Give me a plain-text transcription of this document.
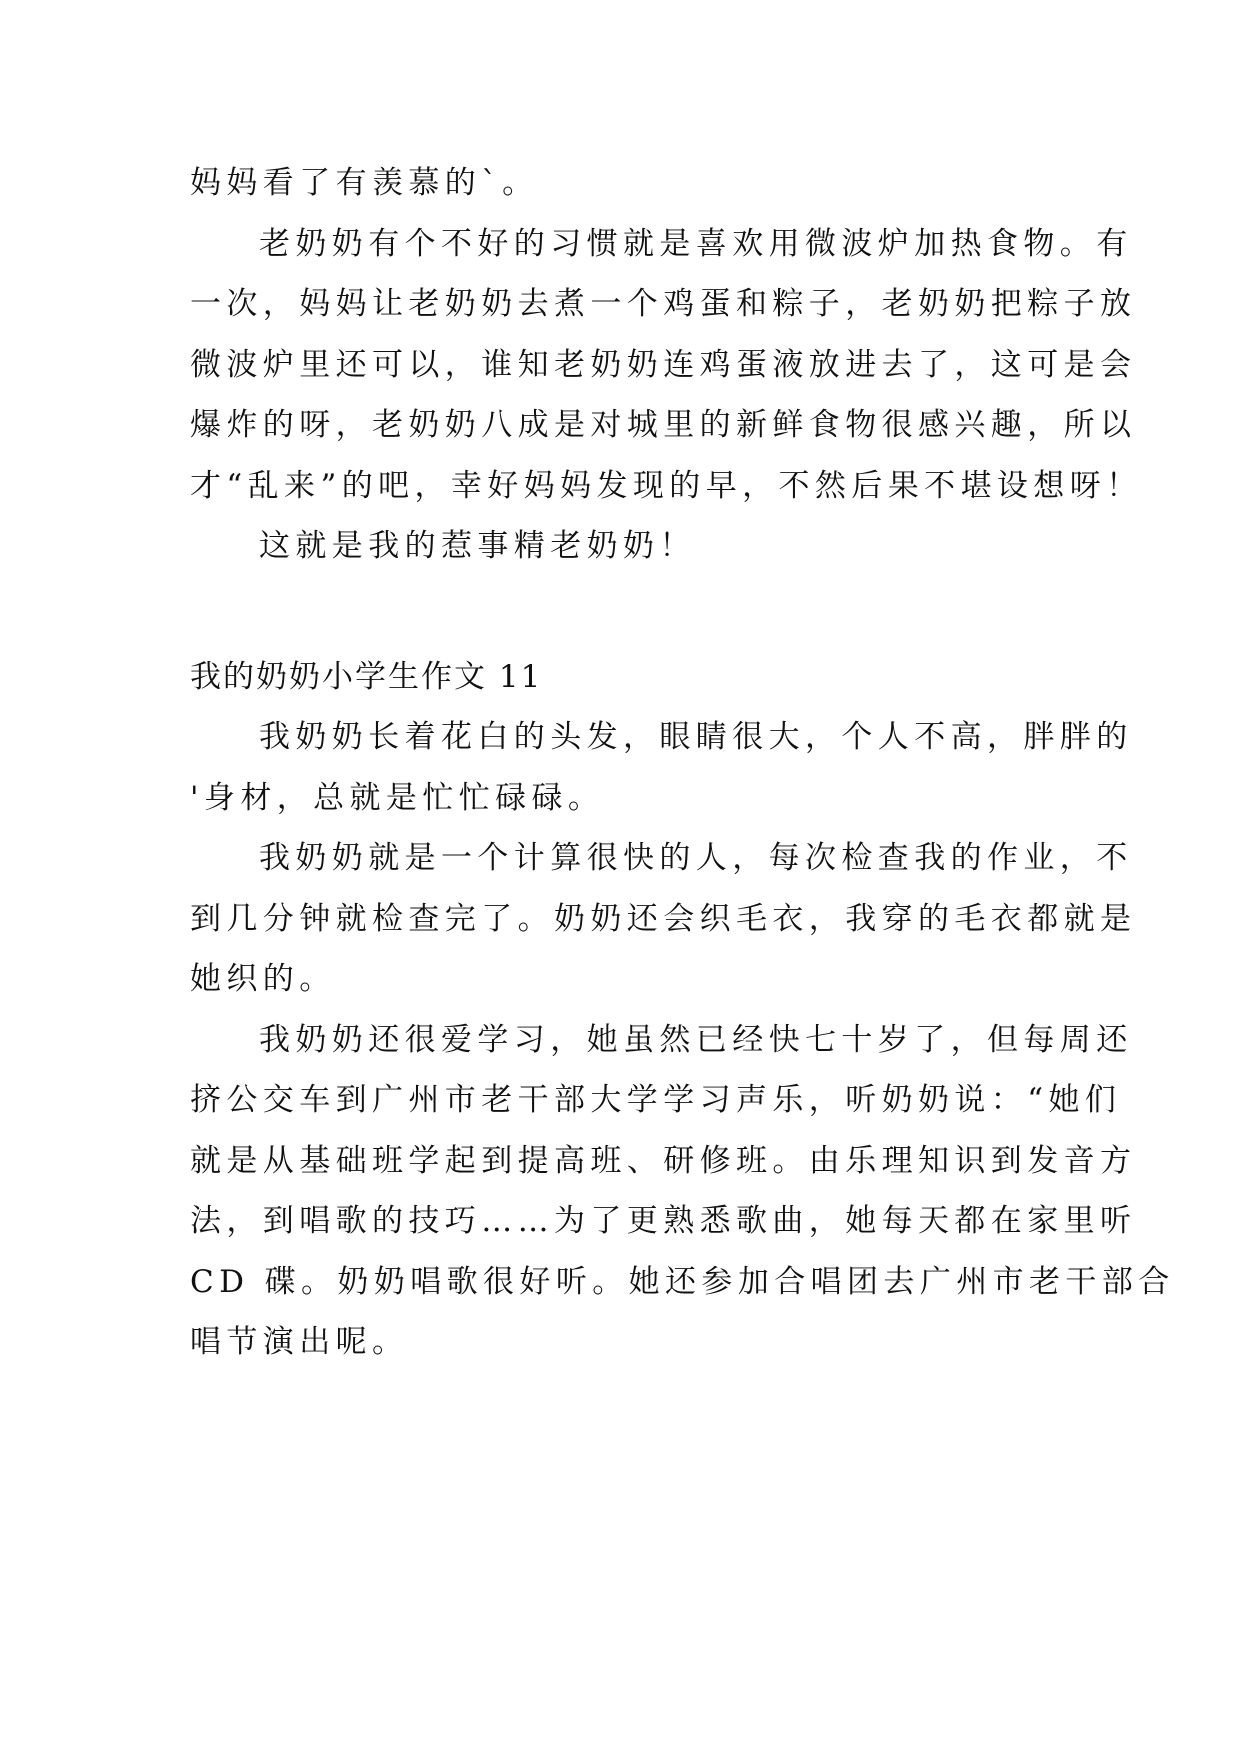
妈妈看了有羡慕的`。
老奶奶有个不好的习惯就是喜欢用微波炉加热食物。有
一次，妈妈让老奶奶去煮一个鸡蛋和粽子，老奶奶把粽子放
微波炉里还可以，谁知老奶奶连鸡蛋液放进去了，这可是会
爆炸的呀，老奶奶八成是对城里的新鲜食物很感兴趣，所以
才“乱来”的吧，幸好妈妈发现的早，不然后果不堪设想呀！
这就是我的惹事精老奶奶！
我的奶奶小学生作文 11
我奶奶长着花白的头发，眼睛很大，个人不高，胖胖的
'身材，总就是忙忙碌碌。
我奶奶就是一个计算很快的人，每次检查我的作业，不
到几分钟就检查完了。奶奶还会织毛衣，我穿的毛衣都就是
她织的。
我奶奶还很爱学习，她虽然已经快七十岁了，但每周还
挤公交车到广州市老干部大学学习声乐，听奶奶说：“她们
就是从基础班学起到提高班、研修班。由乐理知识到发音方
法，到唱歌的技巧……为了更熟悉歌曲，她每天都在家里听
CD 碟。奶奶唱歌很好听。她还参加合唱团去广州市老干部合
唱节演出呢。
